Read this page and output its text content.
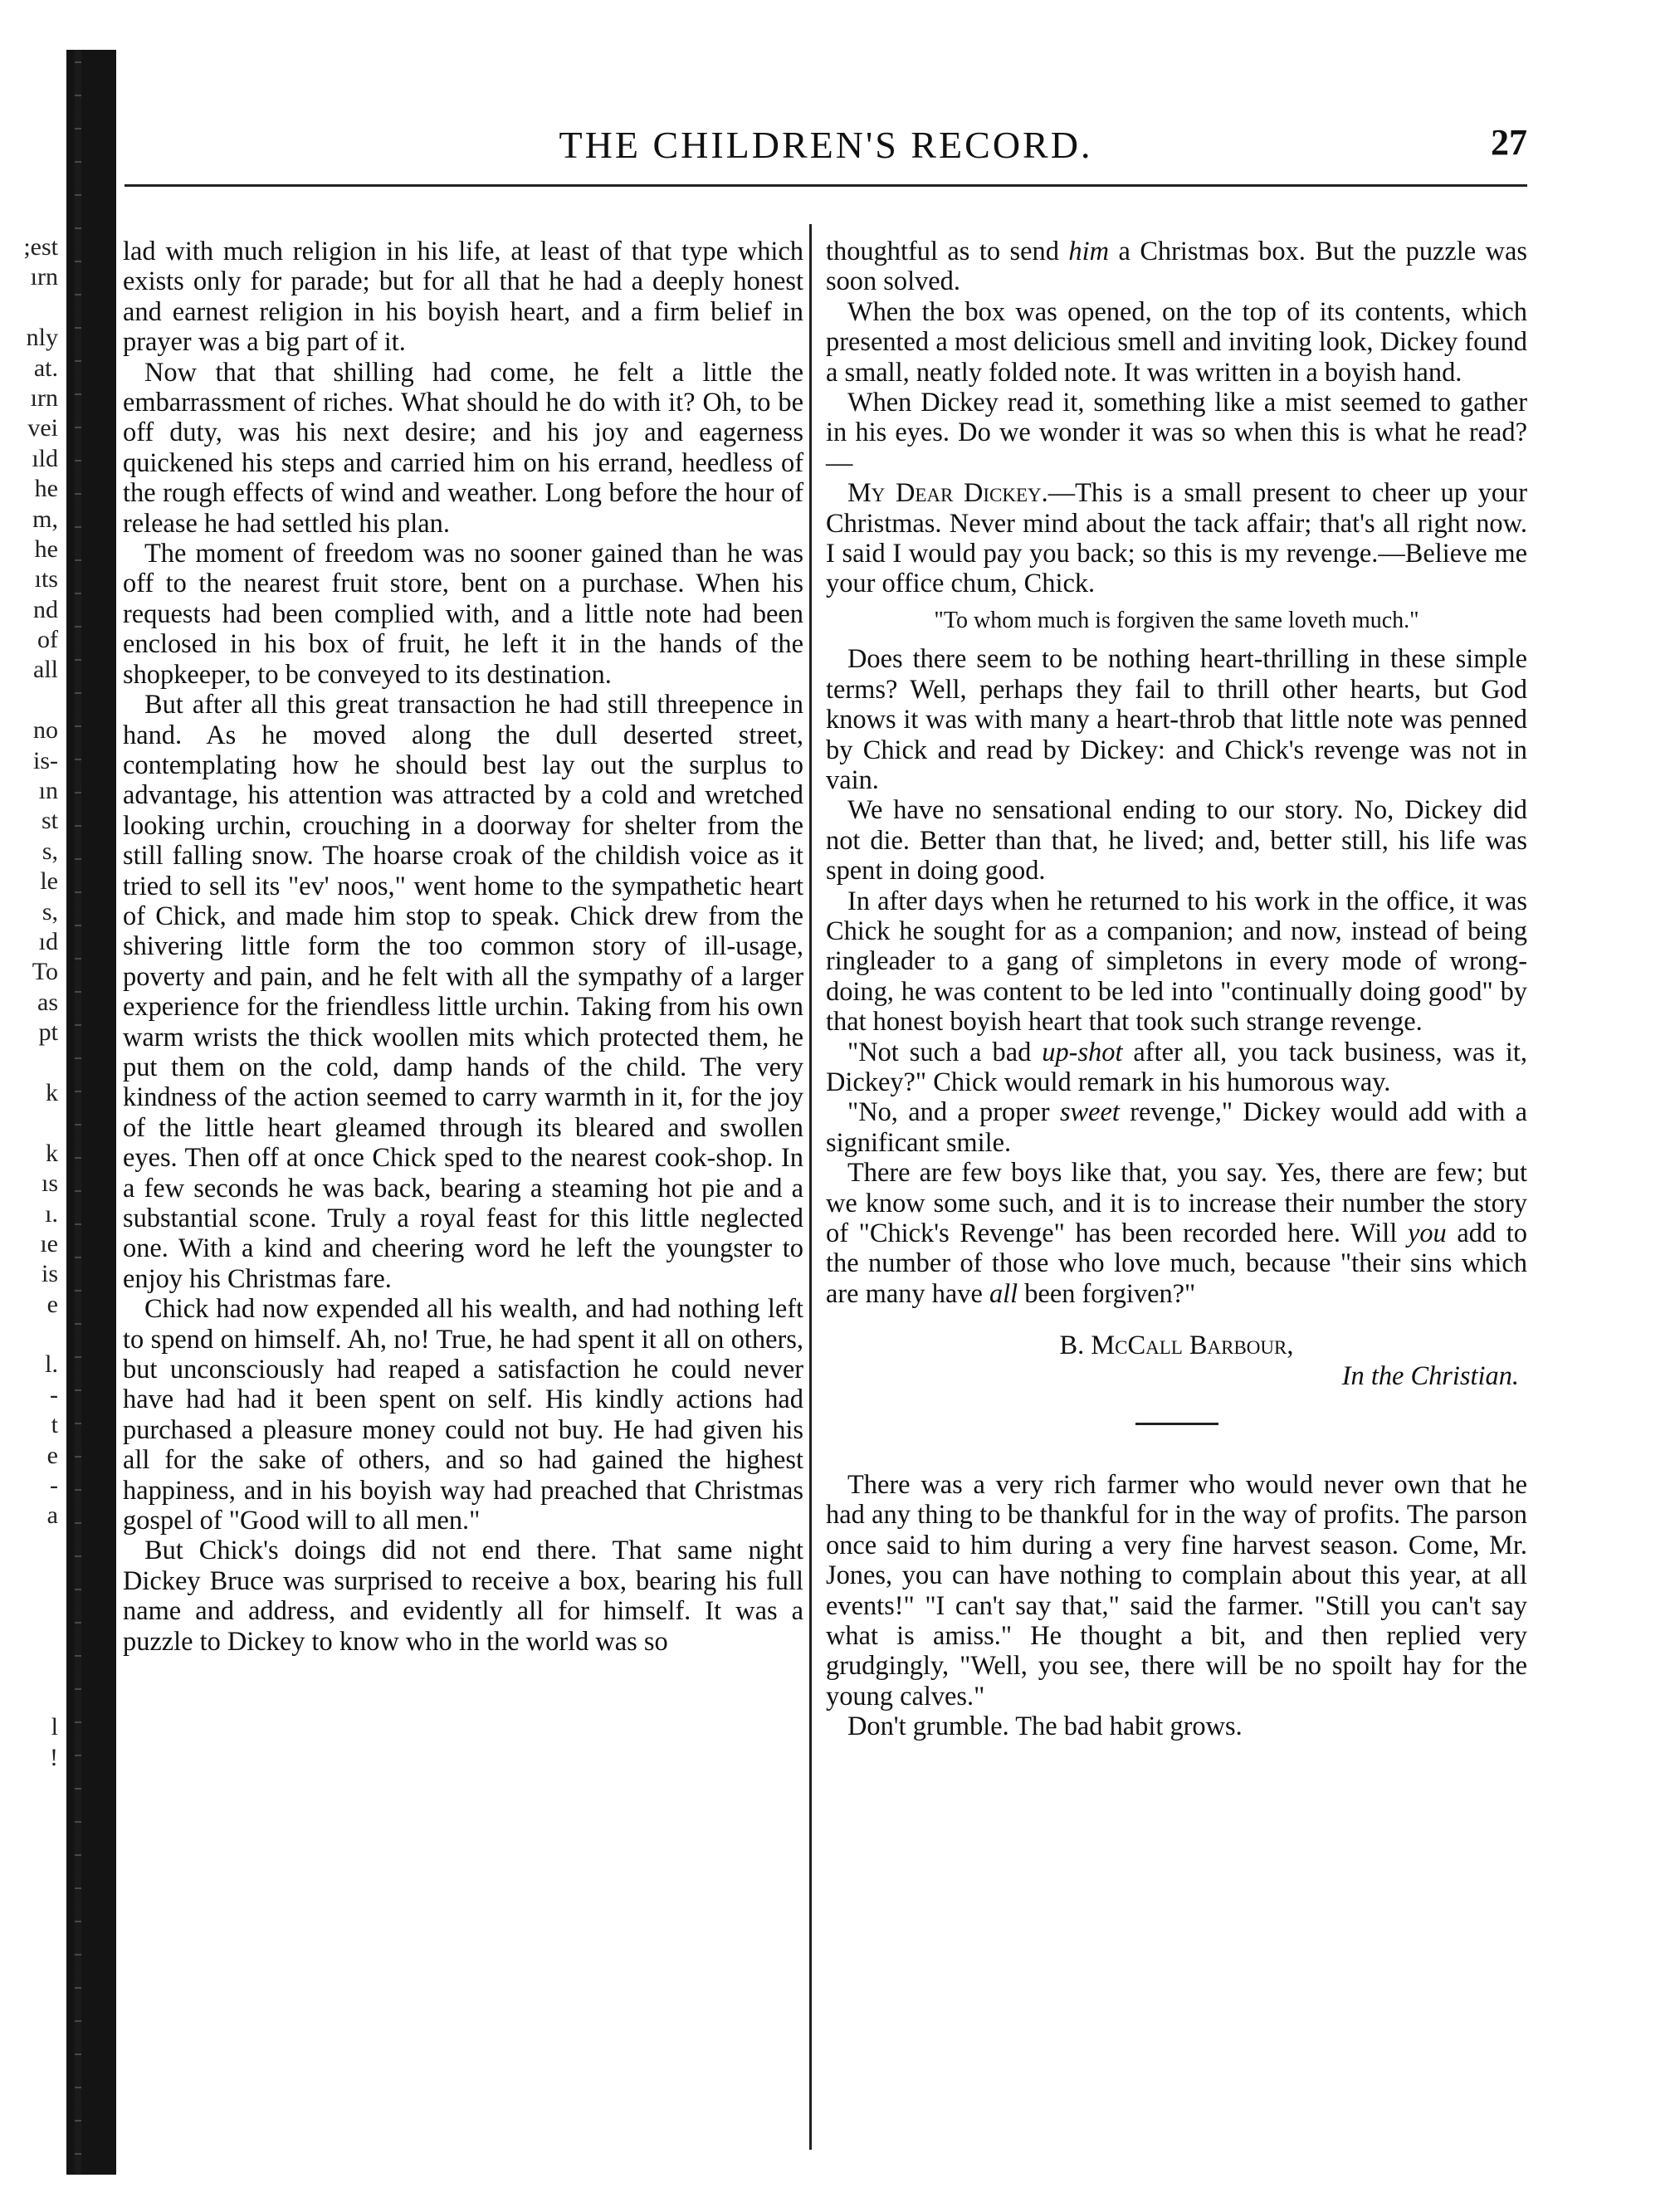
;est
ırn
nly
at.
ırn
vei
ıld
he
m,
he
ıts
nd
of
all
no
is-
ın
st
s,
le
s,
ıd
To
as
pt
k
k
ıs
ı.
ıe
is
e
l.
-
t
e
-
a
l
!
THE CHILDREN'S RECORD.	27

lad with much religion in his life, at least of that type which exists only for parade; but for all that he had a deeply honest and earnest religion in his boyish heart, and a firm belief in prayer was a big part of it.

Now that that shilling had come, he felt a little the embarrassment of riches. What should he do with it? Oh, to be off duty, was his next desire; and his joy and eagerness quickened his steps and carried him on his errand, heedless of the rough effects of wind and weather. Long before the hour of release he had settled his plan.

The moment of freedom was no sooner gained than he was off to the nearest fruit store, bent on a purchase. When his requests had been complied with, and a little note had been enclosed in his box of fruit, he left it in the hands of the shopkeeper, to be conveyed to its destination.

But after all this great transaction he had still threepence in hand. As he moved along the dull deserted street, contemplating how he should best lay out the surplus to advantage, his attention was attracted by a cold and wretched looking urchin, crouching in a doorway for shelter from the still falling snow. The hoarse croak of the childish voice as it tried to sell its "ev' noos," went home to the sympathetic heart of Chick, and made him stop to speak. Chick drew from the shivering little form the too common story of ill-usage, poverty and pain, and he felt with all the sympathy of a larger experience for the friendless little urchin. Taking from his own warm wrists the thick woollen mits which protected them, he put them on the cold, damp hands of the child. The very kindness of the action seemed to carry warmth in it, for the joy of the little heart gleamed through its bleared and swollen eyes. Then off at once Chick sped to the nearest cook-shop. In a few seconds he was back, bearing a steaming hot pie and a substantial scone. Truly a royal feast for this little neglected one. With a kind and cheering word he left the youngster to enjoy his Christmas fare.

Chick had now expended all his wealth, and had nothing left to spend on himself. Ah, no! True, he had spent it all on others, but unconsciously had reaped a satisfaction he could never have had had it been spent on self. His kindly actions had purchased a pleasure money could not buy. He had given his all for the sake of others, and so had gained the highest happiness, and in his boyish way had preached that Christmas gospel of "Good will to all men."

But Chick's doings did not end there. That same night Dickey Bruce was surprised to receive a box, bearing his full name and address, and evidently all for himself. It was a puzzle to Dickey to know who in the world was so

thoughtful as to send him a Christmas box. But the puzzle was soon solved.

When the box was opened, on the top of its contents, which presented a most delicious smell and inviting look, Dickey found a small, neatly folded note. It was written in a boyish hand.

When Dickey read it, something like a mist seemed to gather in his eyes. Do we wonder it was so when this is what he read?—

My Dear Dickey.—This is a small present to cheer up your Christmas. Never mind about the tack affair; that's all right now. I said I would pay you back; so this is my revenge.—Believe me your office chum, Chick.

"To whom much is forgiven the same loveth much."

Does there seem to be nothing heart-thrilling in these simple terms? Well, perhaps they fail to thrill other hearts, but God knows it was with many a heart-throb that little note was penned by Chick and read by Dickey: and Chick's revenge was not in vain.

We have no sensational ending to our story. No, Dickey did not die. Better than that, he lived; and, better still, his life was spent in doing good.

In after days when he returned to his work in the office, it was Chick he sought for as a companion; and now, instead of being ringleader to a gang of simpletons in every mode of wrong-doing, he was content to be led into "continually doing good" by that honest boyish heart that took such strange revenge.

"Not such a bad up-shot after all, you tack business, was it, Dickey?" Chick would remark in his humorous way.

"No, and a proper sweet revenge," Dickey would add with a significant smile.

There are few boys like that, you say. Yes, there are few; but we know some such, and it is to increase their number the story of "Chick's Revenge" has been recorded here. Will you add to the number of those who love much, because "their sins which are many have all been forgiven?"

B. McCall Barbour,

In the Christian.

There was a very rich farmer who would never own that he had any thing to be thankful for in the way of profits. The parson once said to him during a very fine harvest season. Come, Mr. Jones, you can have nothing to complain about this year, at all events!" "I can't say that," said the farmer. "Still you can't say what is amiss." He thought a bit, and then replied very grudgingly, "Well, you see, there will be no spoilt hay for the young calves."

Don't grumble. The bad habit grows.
